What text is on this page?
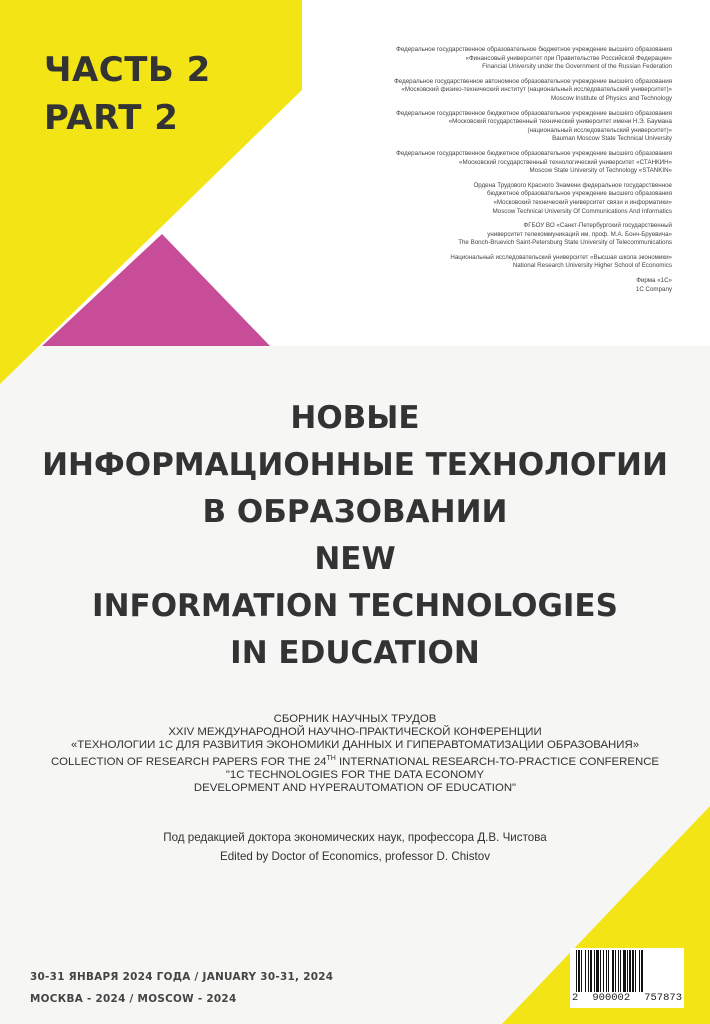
ЧАСТЬ 2
PART 2
Федеральное государственное образовательное бюджетное учреждение высшего образования
«Финансовый университет при Правительстве Российской Федерации»
Financial University under the Government of the Russian Federation
Федеральное государственное автономное образовательное учреждение высшего образования
«Московский физико-технический институт (национальный исследовательский университет)»
Moscow Institute of Physics and Technology
Федеральное государственное бюджетное образовательное учреждение высшего образования
«Московский государственный технический университет имени Н.Э. Баумана
(национальный исследовательский университет)»
Bauman Moscow State Technical University
Федеральное государственное бюджетное образовательное учреждение высшего образования
«Московский государственный технологический университет «СТАНКИН»
Moscow State University of Technology «STANKIN»
Ордена Трудового Красного Знамени федеральное государственное
бюджетное образовательное учреждение высшего образования
«Московский технический университет связи и информатики»
Moscow Technical University Of Communications And Informatics
ФГБОУ ВО «Санкт-Петербургский государственный
университет телекоммуникаций им. проф. М.А. Бонч-Бруевича»
The Bonch-Bruevich Saint-Petersburg State University of Telecommunications
Национальный исследовательский университет «Высшая школа экономики»
National Research University Higher School of Economics
Фирма «1С»
1C Company
НОВЫЕ
ИНФОРМАЦИОННЫЕ ТЕХНОЛОГИИ
В ОБРАЗОВАНИИ
NEW
INFORMATION TECHNOLOGIES
IN EDUCATION
СБОРНИК НАУЧНЫХ ТРУДОВ
XXIV МЕЖДУНАРОДНОЙ НАУЧНО-ПРАКТИЧЕСКОЙ КОНФЕРЕНЦИИ
«ТЕХНОЛОГИИ 1С ДЛЯ РАЗВИТИЯ ЭКОНОМИКИ ДАННЫХ И ГИПЕРАВТОМАТИЗАЦИИ ОБРАЗОВАНИЯ»
COLLECTION OF RESEARCH PAPERS FOR THE 24TH INTERNATIONAL RESEARCH-TO-PRACTICE CONFERENCE
"1C TECHNOLOGIES FOR THE DATA ECONOMY
DEVELOPMENT AND HYPERAUTOMATION OF EDUCATION"
Под редакцией доктора экономических наук, профессора Д.В. Чистова
Edited by Doctor of Economics, professor D. Chistov
30-31 ЯНВАРЯ 2024 ГОДА / JANUARY 30-31, 2024
МОСКВА - 2024 / MOSCOW - 2024	2 900002 757873
